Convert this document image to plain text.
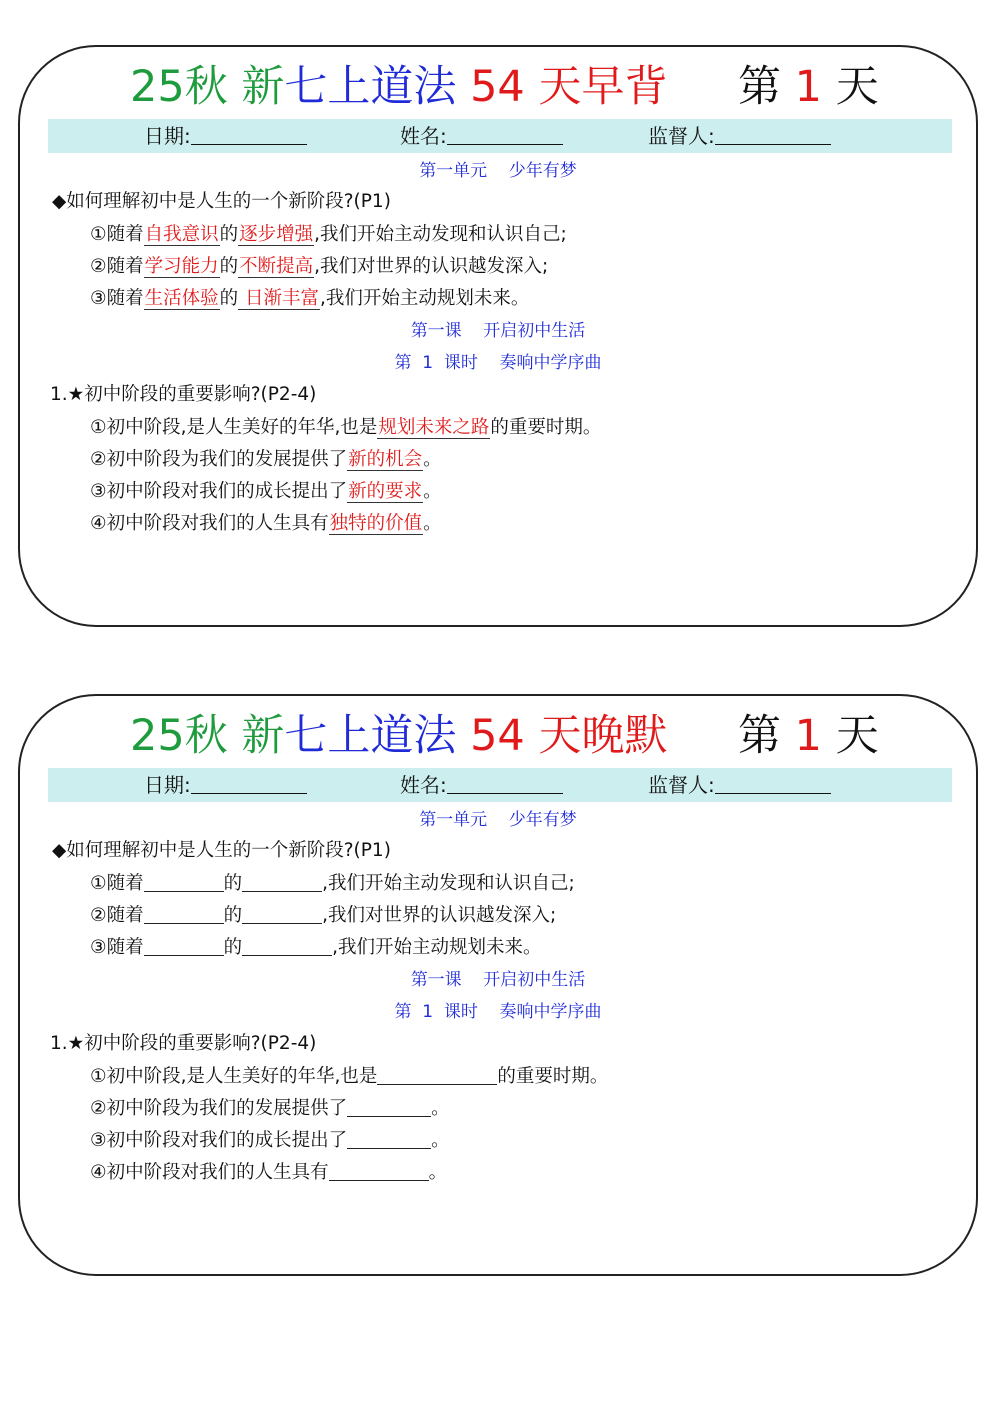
25秋 新七上道法 54 天早背 第 1 天
日期:	姓名:	监督人:
第一单元    少年有梦
◆如何理解初中是人生的一个新阶段?(P1)
①随着自我意识的逐步增强,我们开始主动发现和认识自己;
②随着学习能力的不断提高,我们对世界的认识越发深入;
③随着生活体验的 日渐丰富,我们开始主动规划未来。
第一课    开启初中生活
第  1  课时    奏响中学序曲
1.★初中阶段的重要影响?(P2-4)
①初中阶段,是人生美好的年华,也是规划未来之路的重要时期。
②初中阶段为我们的发展提供了新的机会。
③初中阶段对我们的成长提出了新的要求。
④初中阶段对我们的人生具有独特的价值。
25秋 新七上道法 54 天晚默 第 1 天
日期:	姓名:	监督人:
第一单元    少年有梦
◆如何理解初中是人生的一个新阶段?(P1)
①随着	的	,我们开始主动发现和认识自己;
②随着	的	,我们对世界的认识越发深入;
③随着	的	,我们开始主动规划未来。
第一课    开启初中生活
第  1  课时    奏响中学序曲
1.★初中阶段的重要影响?(P2-4)
①初中阶段,是人生美好的年华,也是	的重要时期。
②初中阶段为我们的发展提供了	。
③初中阶段对我们的成长提出了	。
④初中阶段对我们的人生具有	。
